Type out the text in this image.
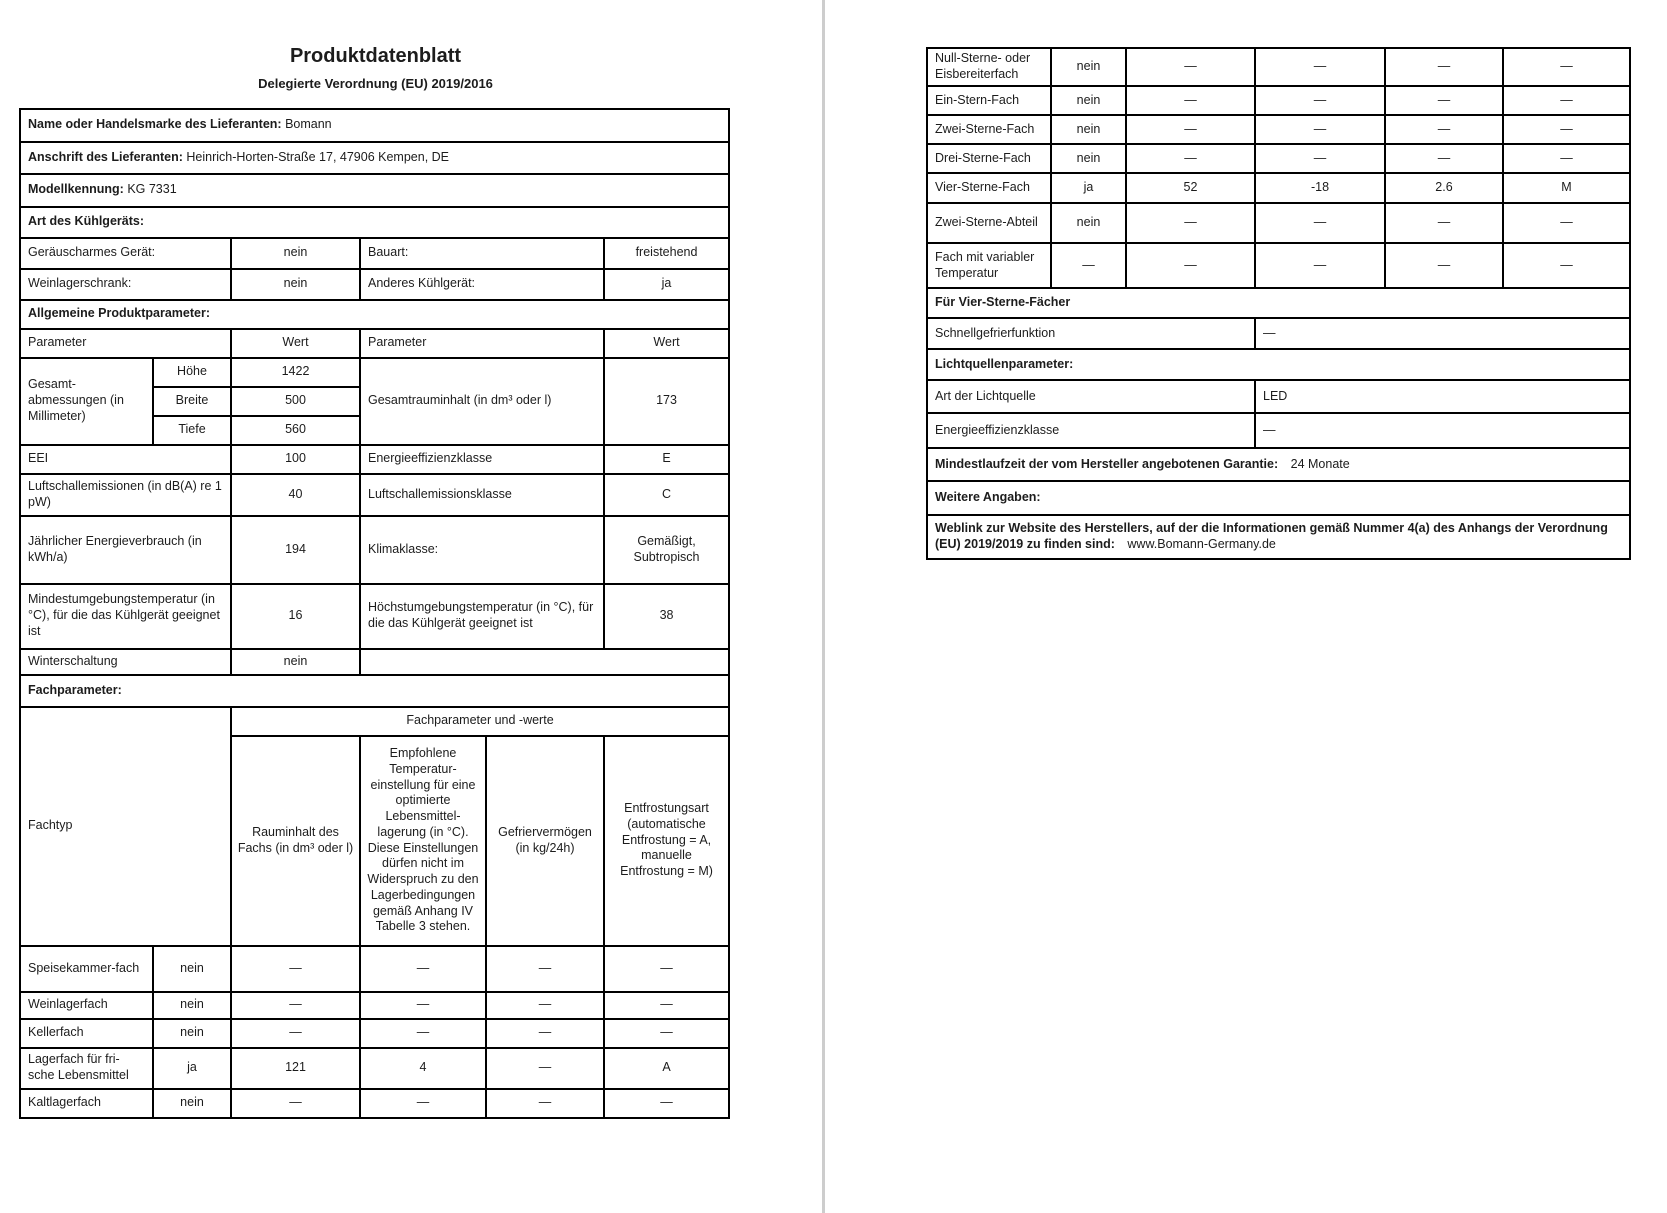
Produktdatenblatt
Delegierte Verordnung (EU) 2019/2016
Name oder Handelsmarke des Lieferanten: Bomann					
Anschrift des Lieferanten: Heinrich-Horten-Straße 17, 47906 Kempen, DE					
Modellkennung: KG 7331					
Art des Kühlgeräts:					
Geräuscharmes Gerät:		nein	Bauart:		freistehend
Weinlagerschrank:		nein	Anderes Kühlgerät:		ja
Allgemeine Produktparameter:					
Parameter		Wert	Parameter		Wert
Gesamt-abmessungen (in Millimeter)	Höhe	1422	Gesamtrauminhalt (in dm³ oder l)		173
	Breite	500			
	Tiefe	560			
EEI		100	Energieeffizienzklasse		E
Luftschallemissionen (in dB(A) re 1 pW)		40	Luftschallemissionsklasse		C
Jährlicher Energieverbrauch (in kWh/a)		194	Klimaklasse:		Gemäßigt, Subtropisch
Mindestumgebungstemperatur (in °C), für die das Kühlgerät geeignet ist		16	Höchstumgebungstemperatur (in °C), für die das Kühlgerät geeignet ist		38
Winterschaltung		nein			
Fachparameter:					
Fachtyp		Fachparameter und -werte			
		Rauminhalt des Fachs (in dm³ oder l)	Empfohlene Temperatur-einstellung für eine optimierte Lebensmittel-lagerung (in °C). Diese Einstellungen dürfen nicht im Widerspruch zu den Lagerbedingungen gemäß Anhang IV Tabelle 3 stehen.	Gefriervermögen (in kg/24h)	Entfrostungsart (automatische Entfrostung = A, manuelle Entfrostung = M)
Speisekammer-fach	nein	—	—	—	—
Weinlagerfach	nein	—	—	—	—
Kellerfach	nein	—	—	—	—
Lagerfach für fri-sche Lebensmittel	ja	121	4	—	A
Kaltlagerfach	nein	—	—	—	—
Null-Sterne- oder Eisbereiterfach	nein	—	—	—	—
Ein-Stern-Fach	nein	—	—	—	—
Zwei-Sterne-Fach	nein	—	—	—	—
Drei-Sterne-Fach	nein	—	—	—	—
Vier-Sterne-Fach	ja	52	-18	2.6	M
Zwei-Sterne-Abteil	nein	—	—	—	—
Fach mit variabler Temperatur	—	—	—	—	—
Für Vier-Sterne-Fächer					
Schnellgefrierfunktion			—		
Lichtquellenparameter:					
Art der Lichtquelle			LED		
Energieeffizienzklasse			—		
Mindestlaufzeit der vom Hersteller angebotenen Garantie: 24 Monate					
Weitere Angaben:					
Weblink zur Website des Herstellers, auf der die Informationen gemäß Nummer 4(a) des Anhangs der Verordnung (EU) 2019/2019 zu finden sind: www.Bomann-Germany.de					
